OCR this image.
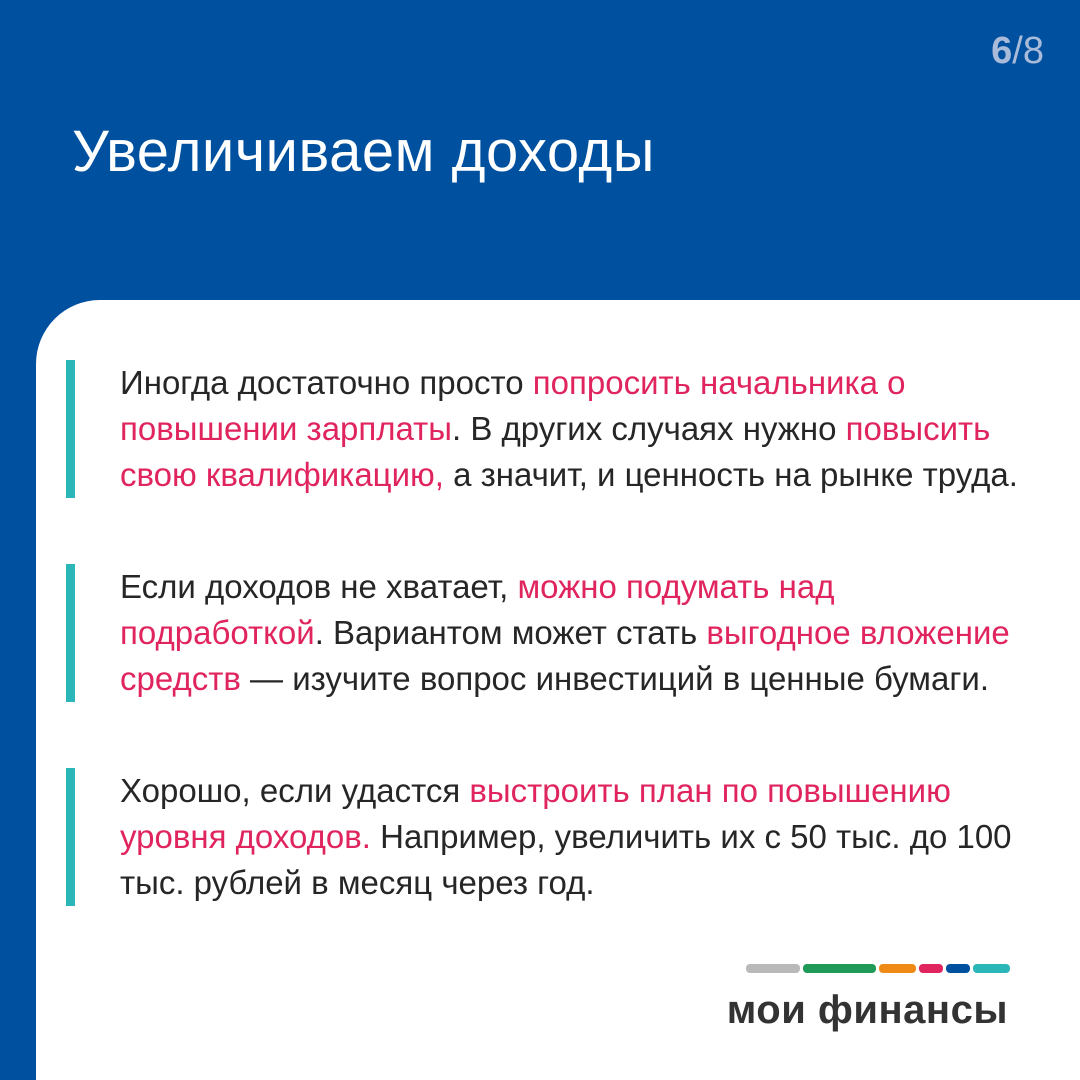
6/8
Увеличиваем доходы
Иногда достаточно просто попросить начальника о повышении зарплаты. В других случаях нужно повысить свою квалификацию, а значит, и ценность на рынке труда.
Если доходов не хватает, можно подумать над подработкой. Вариантом может стать выгодное вложение средств — изучите вопрос инвестиций в ценные бумаги.
Хорошо, если удастся выстроить план по повышению уровня доходов. Например, увеличить их с 50 тыс. до 100 тыс. рублей в месяц через год.
мои финансы
